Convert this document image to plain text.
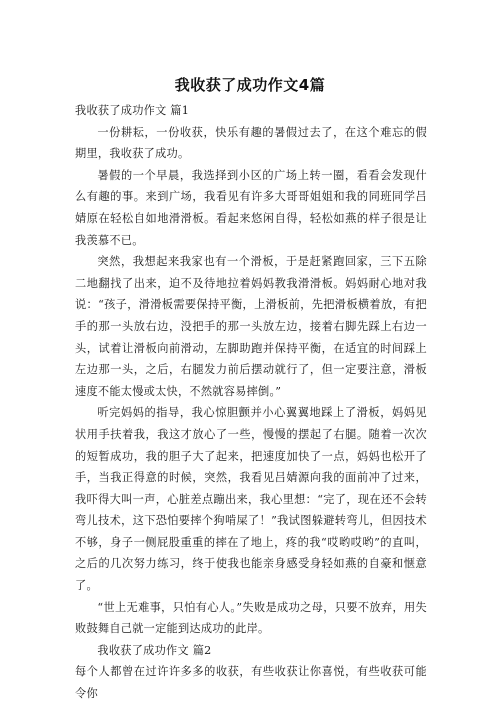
我收获了成功作文4篇

我收获了成功作文 篇1

一份耕耘，一份收获，快乐有趣的暑假过去了，在这个难忘的假期里，我收获了成功。

暑假的一个早晨，我选择到小区的广场上转一圈，看看会发现什么有趣的事。来到广场，我看见有许多大哥哥姐姐和我的同班同学吕婧原在轻松自如地滑滑板。看起来悠闲自得，轻松如燕的样子很是让我羡慕不已。

突然，我想起来我家也有一个滑板，于是赶紧跑回家，三下五除二地翻找了出来，迫不及待地拉着妈妈教我滑滑板。妈妈耐心地对我说：“孩子，滑滑板需要保持平衡，上滑板前，先把滑板横着放，有把手的那一头放右边，没把手的那一头放左边，接着右脚先踩上右边一头，试着让滑板向前滑动，左脚助跑并保持平衡，在适宜的时间踩上左边那一头，之后，右腿发力前后摆动就行了，但一定要注意，滑板速度不能太慢或太快，不然就容易摔倒。”

听完妈妈的指导，我心惊胆颤并小心翼翼地踩上了滑板，妈妈见状用手扶着我，我这才放心了一些，慢慢的摆起了右腿。随着一次次的短暂成功，我的胆子大了起来，把速度加快了一点，妈妈也松开了手，当我正得意的时候，突然，我看见吕婧源向我的面前冲了过来，我吓得大叫一声，心脏差点蹦出来，我心里想：“完了，现在还不会转弯儿技术，这下恐怕要摔个狗啃屎了！”我试图躲避转弯儿，但因技术不够，身子一侧屁股重重的摔在了地上，疼的我“哎哟哎哟”的直叫，之后的几次努力练习，终于使我也能亲身感受身轻如燕的自豪和惬意了。

“世上无难事，只怕有心人。”失败是成功之母，只要不放弃，用失败鼓舞自己就一定能到达成功的此岸。

我收获了成功作文 篇2

每个人都曾在过许许多多的收获，有些收获让你喜悦，有些收获可能令你
